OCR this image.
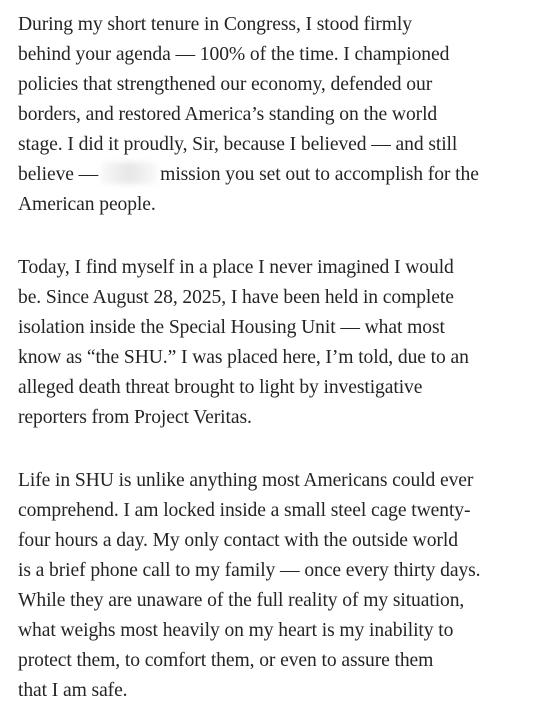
During my short tenure in Congress, I stood firmly
behind your agenda — 100% of the time. I championed
policies that strengthened our economy, defended our
borders, and restored America’s standing on the world
stage. I did it proudly, Sir, because I believed — and still
believe —	mission you set out to accomplish for the
American people.
Today, I find myself in a place I never imagined I would
be. Since August 28, 2025, I have been held in complete
isolation inside the Special Housing Unit — what most
know as “the SHU.” I was placed here, I’m told, due to an
alleged death threat brought to light by investigative
reporters from Project Veritas.
Life in SHU is unlike anything most Americans could ever
comprehend. I am locked inside a small steel cage twenty-
four hours a day. My only contact with the outside world
is a brief phone call to my family — once every thirty days.
While they are unaware of the full reality of my situation,
what weighs most heavily on my heart is my inability to
protect them, to comfort them, or even to assure them
that I am safe.
